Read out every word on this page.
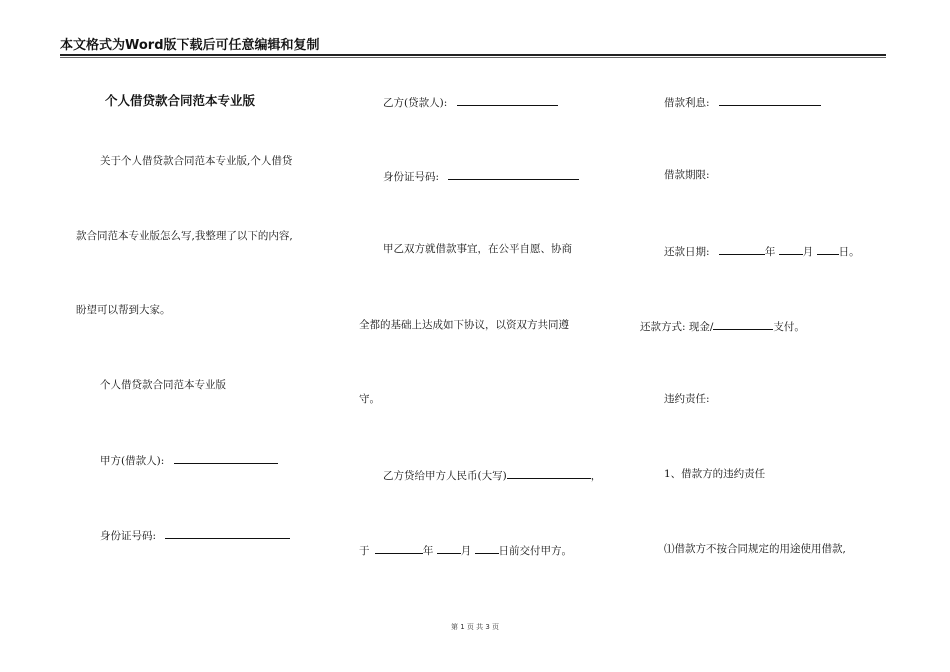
本文格式为Word版下载后可任意编辑和复制
个人借贷款合同范本专业版
关于个人借贷款合同范本专业版,个人借贷
款合同范本专业版怎么写,我整理了以下的内容,
盼望可以帮到大家。
个人借贷款合同范本专业版
甲方(借款人):
身份证号码:
乙方(贷款人):
身份证号码:
甲乙双方就借款事宜，在公平自愿、协商
全都的基础上达成如下协议，以资双方共同遵
守。
乙方贷给甲方人民币(大写)	，
于	年	月	日前交付甲方。
借款利息:
借款期限:
还款日期:	年	月 日。
还款方式: 现金/	支付。
违约责任:
1、借款方的违约责任
⑴借款方不按合同规定的用途使用借款,
第 1 页 共 3 页
